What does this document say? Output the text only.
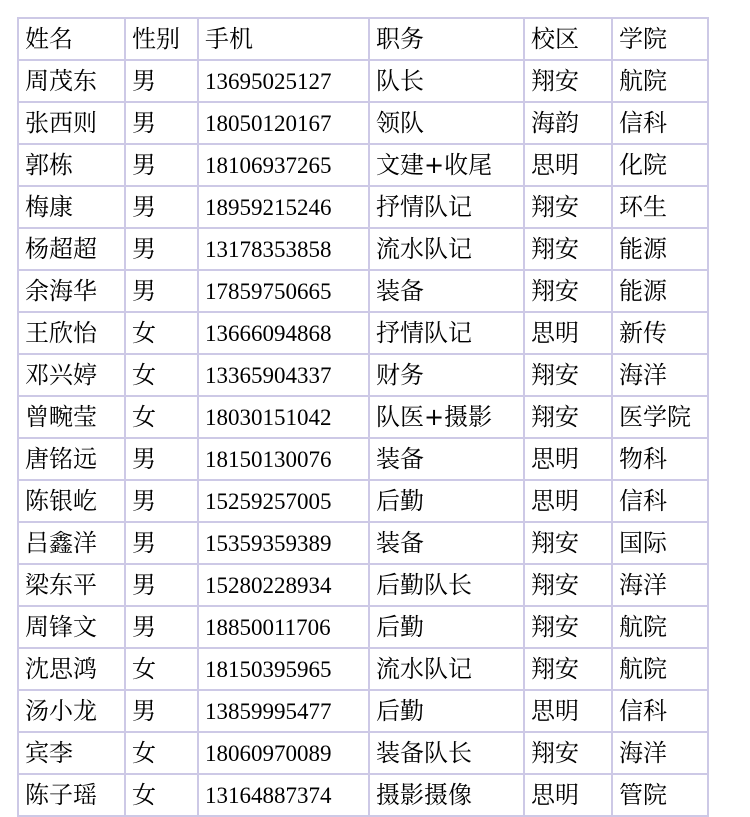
姓名	性别	手机	职务	校区	学院
周茂东	男	13695025127	队长	翔安	航院
张西则	男	18050120167	领队	海韵	信科
郭栋	男	18106937265	文建+收尾	思明	化院
梅康	男	18959215246	抒情队记	翔安	环生
杨超超	男	13178353858	流水队记	翔安	能源
余海华	男	17859750665	装备	翔安	能源
王欣怡	女	13666094868	抒情队记	思明	新传
邓兴婷	女	13365904337	财务	翔安	海洋
曾畹莹	女	18030151042	队医+摄影	翔安	医学院
唐铭远	男	18150130076	装备	思明	物科
陈银屹	男	15259257005	后勤	思明	信科
吕鑫洋	男	15359359389	装备	翔安	国际
梁东平	男	15280228934	后勤队长	翔安	海洋
周锋文	男	18850011706	后勤	翔安	航院
沈思鸿	女	18150395965	流水队记	翔安	航院
汤小龙	男	13859995477	后勤	思明	信科
宾李	女	18060970089	装备队长	翔安	海洋
陈子瑶	女	13164887374	摄影摄像	思明	管院
